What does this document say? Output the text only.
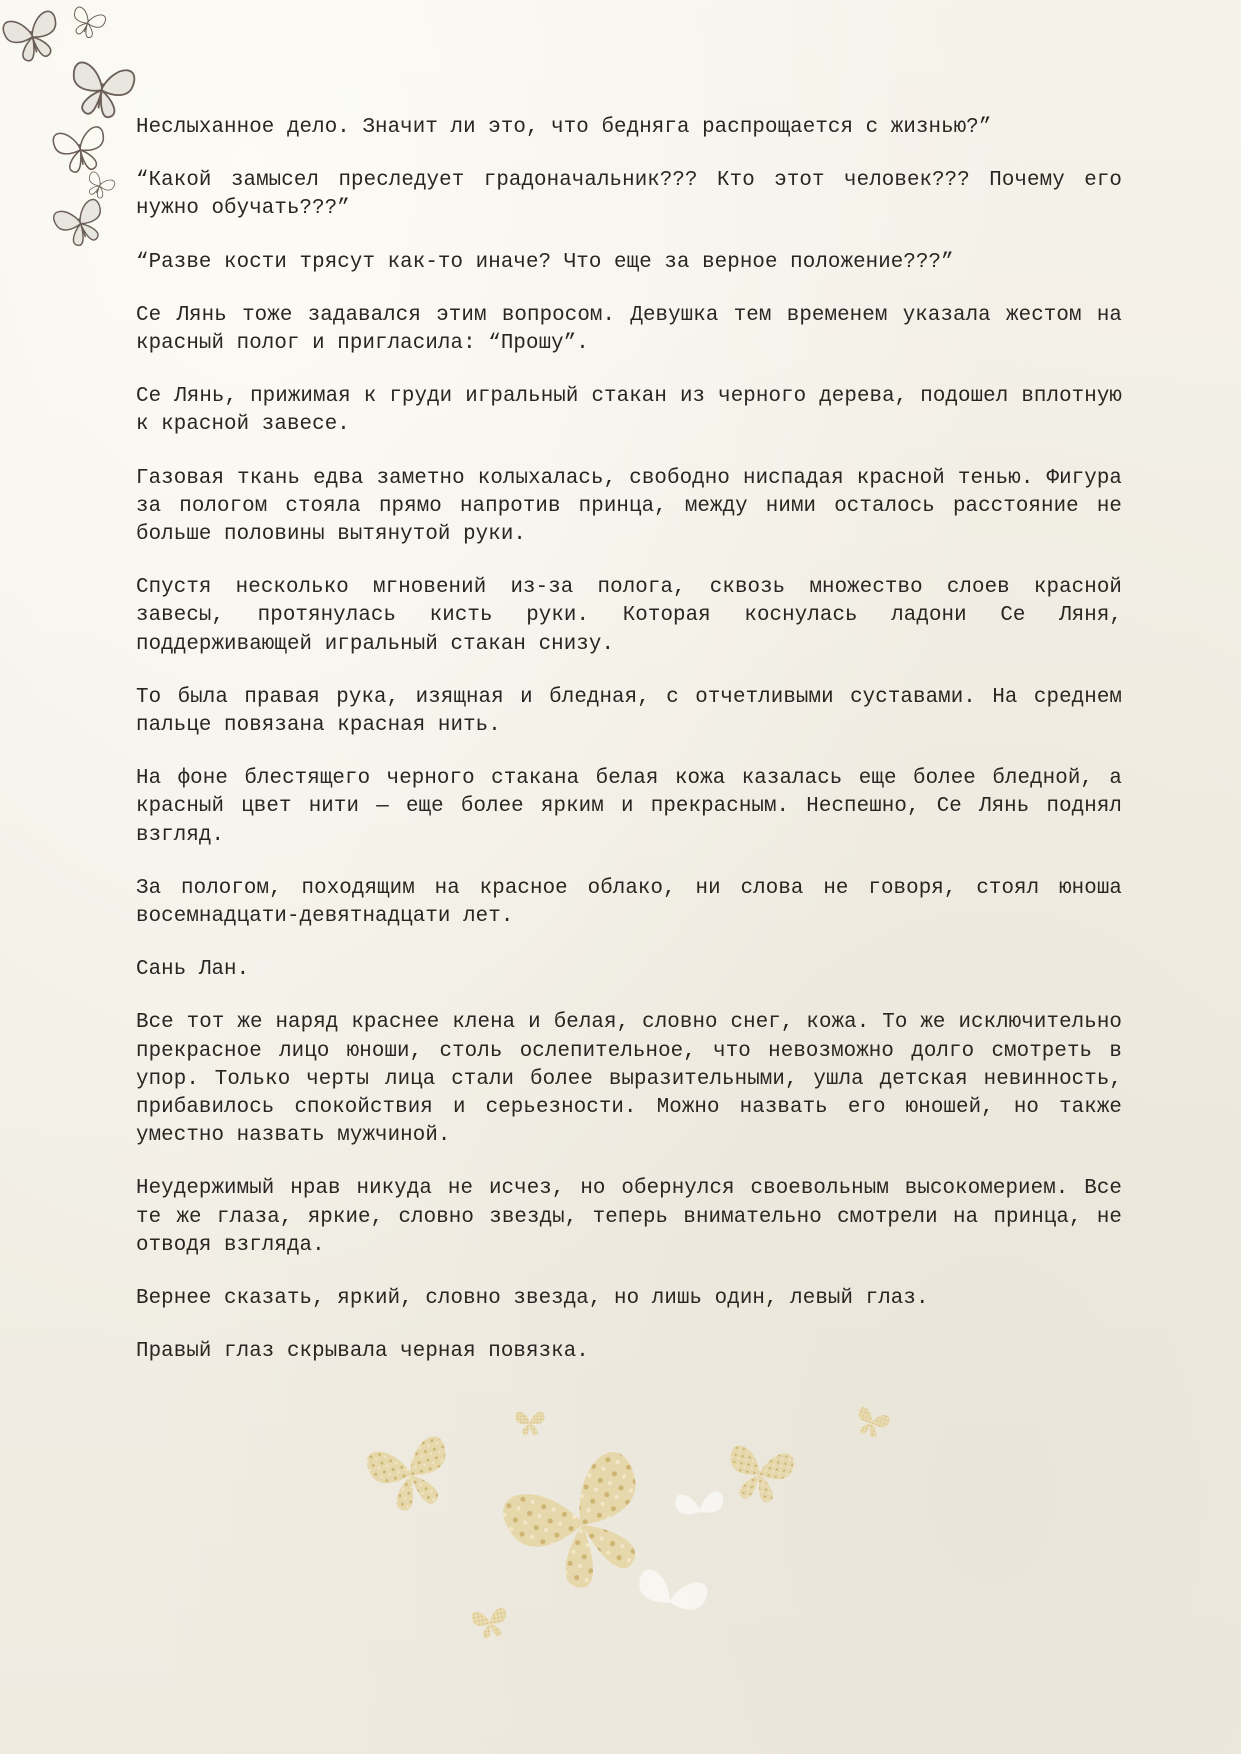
Неслыханное дело. Значит ли это, что бедняга распрощается с жизнью?”

“Какой замысел преследует градоначальник??? Кто этот человек??? Почему его нужно обучать???”

“Разве кости трясут как-то иначе? Что еще за верное положение???”

Се Лянь тоже задавался этим вопросом. Девушка тем временем указала жестом на красный полог и пригласила: “Прошу”.

Се Лянь, прижимая к груди игральный стакан из черного дерева, подошел вплотную к красной завесе.

Газовая ткань едва заметно колыхалась, свободно ниспадая красной тенью. Фигура за пологом стояла прямо напротив принца, между ними осталось расстояние не больше половины вытянутой руки.

Спустя несколько мгновений из-за полога, сквозь множество слоев красной завесы, протянулась кисть руки. Которая коснулась ладони Се Ляня, поддерживающей игральный стакан снизу.

То была правая рука, изящная и бледная, с отчетливыми суставами. На среднем пальце повязана красная нить.

На фоне блестящего черного стакана белая кожа казалась еще более бледной, а красный цвет нити — еще более ярким и прекрасным. Неспешно, Се Лянь поднял взгляд.

За пологом, походящим на красное облако, ни слова не говоря, стоял юноша восемнадцати-девятнадцати лет.

Сань Лан.

Все тот же наряд краснее клена и белая, словно снег, кожа. То же исключительно прекрасное лицо юноши, столь ослепительное, что невозможно долго смотреть в упор. Только черты лица стали более выразительными, ушла детская невинность, прибавилось спокойствия и серьезности. Можно назвать его юношей, но также уместно назвать мужчиной.

Неудержимый нрав никуда не исчез, но обернулся своевольным высокомерием. Все те же глаза, яркие, словно звезды, теперь внимательно смотрели на принца, не отводя взгляда.

Вернее сказать, яркий, словно звезда, но лишь один, левый глаз.

Правый глаз скрывала черная повязка.
